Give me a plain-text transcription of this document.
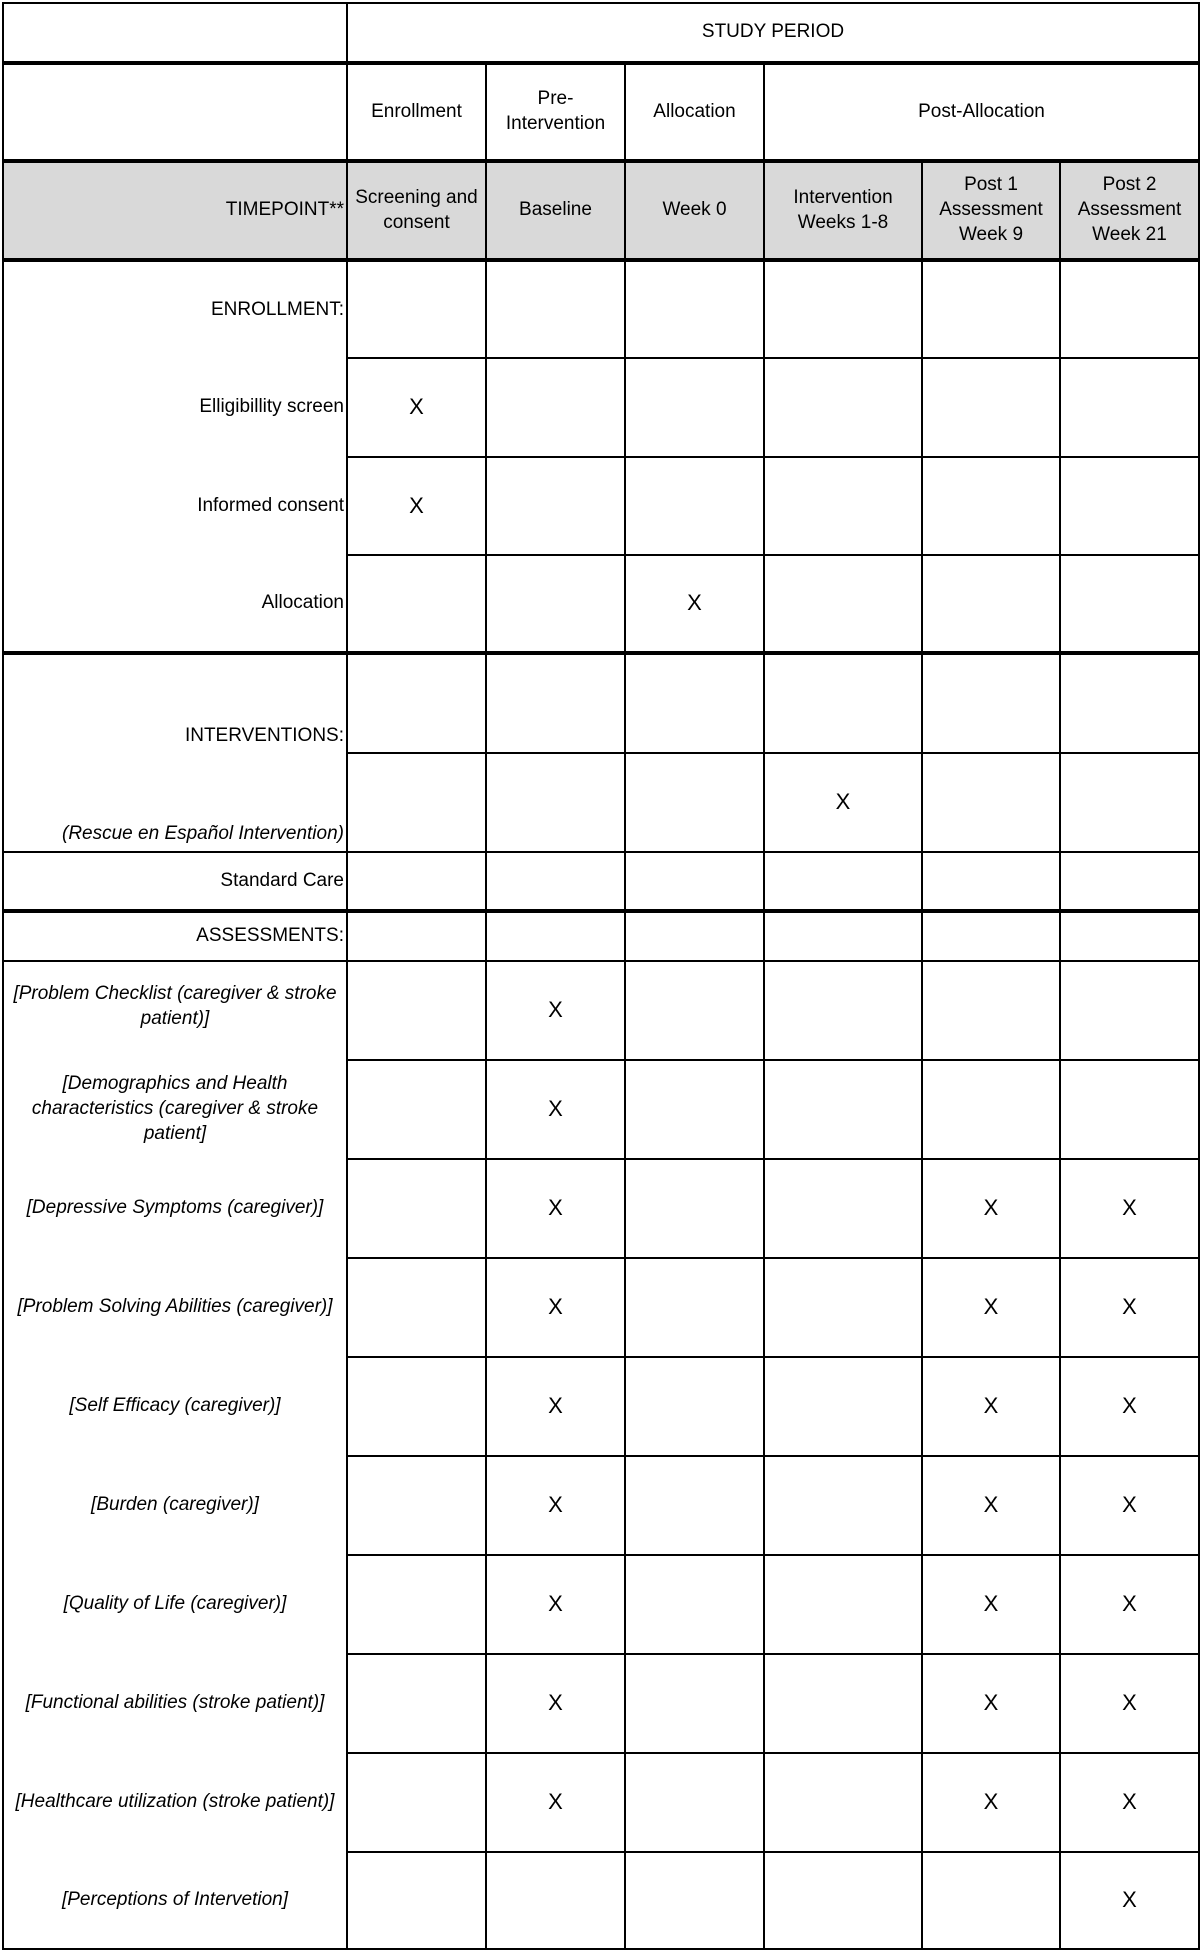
	STUDY PERIOD					
	Enrollment	Pre-Intervention	Allocation	Post-Allocation		
TIMEPOINT**	Screening and consent	Baseline	Week 0	Intervention Weeks 1-8	Post 1 Assessment Week 9	Post 2 Assessment Week 21
ENROLLMENT:						
Elligibillity screen	X					
Informed consent	X					
Allocation			X			
INTERVENTIONS:						
(Rescue en Español Intervention)				X		
Standard Care						
ASSESSMENTS:						
[Problem Checklist (caregiver & stroke patient)]		X				
[Demographics and Health characteristics (caregiver & stroke patient]		X				
[Depressive Symptoms (caregiver)]		X			X	X
[Problem Solving Abilities (caregiver)]		X			X	X
[Self Efficacy (caregiver)]		X			X	X
[Burden (caregiver)]		X			X	X
[Quality of Life (caregiver)]		X			X	X
[Functional abilities (stroke patient)]		X			X	X
[Healthcare utilization (stroke patient)]		X			X	X
[Perceptions of Intervetion]						X
